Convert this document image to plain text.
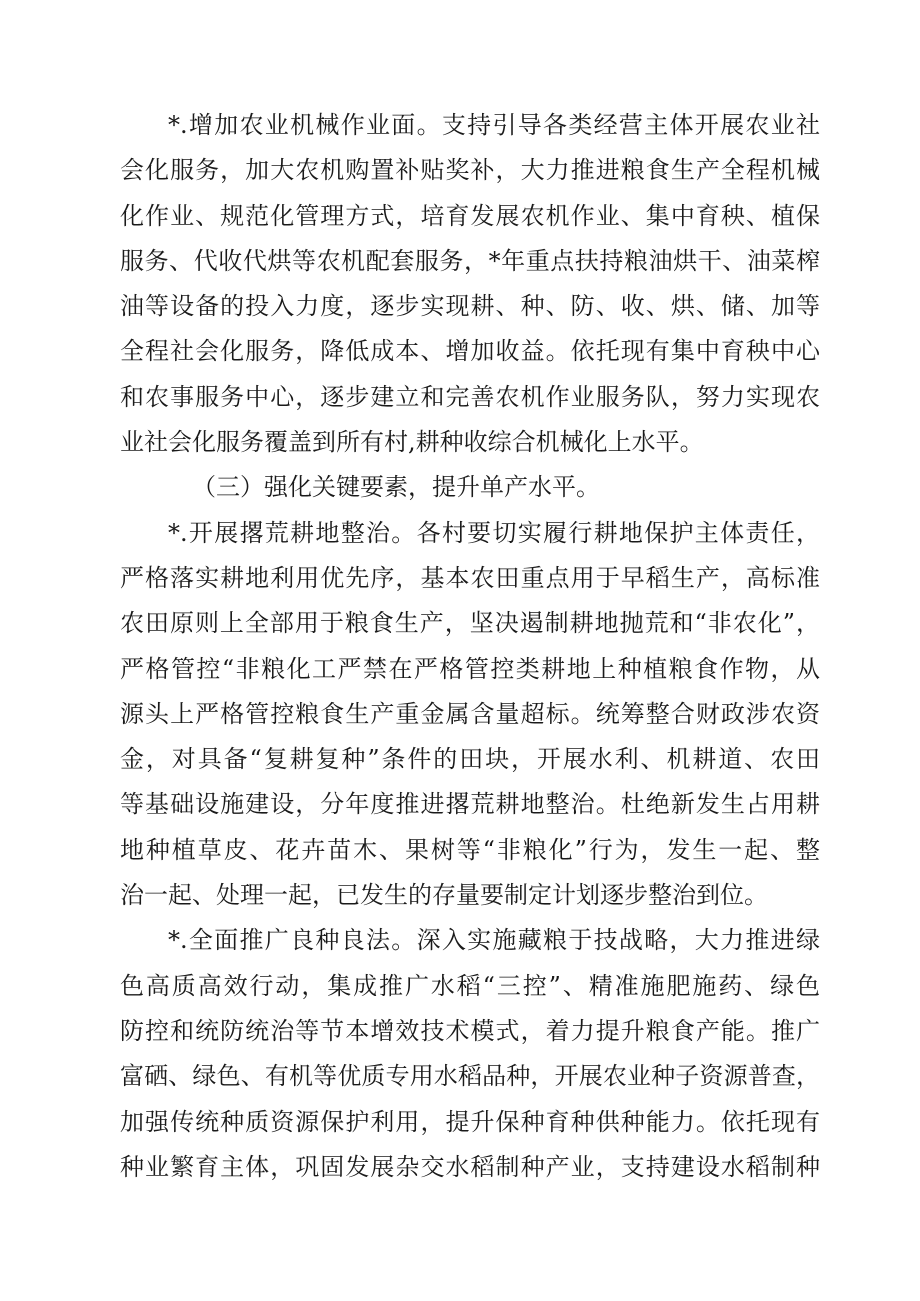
*.增加农业机械作业面。支持引导各类经营主体开展农业社
会化服务，加大农机购置补贴奖补，大力推进粮食生产全程机械
化作业、规范化管理方式，培育发展农机作业、集中育秧、植保
服务、代收代烘等农机配套服务，*年重点扶持粮油烘干、油菜榨
油等设备的投入力度，逐步实现耕、种、防、收、烘、储、加等
全程社会化服务，降低成本、增加收益。依托现有集中育秧中心
和农事服务中心，逐步建立和完善农机作业服务队，努力实现农
业社会化服务覆盖到所有村,耕种收综合机械化上水平。
（三）强化关键要素，提升单产水平。
*.开展撂荒耕地整治。各村要切实履行耕地保护主体责任，
严格落实耕地利用优先序，基本农田重点用于早稻生产，高标准
农田原则上全部用于粮食生产，坚决遏制耕地抛荒和“非农化”，
严格管控“非粮化工严禁在严格管控类耕地上种植粮食作物，从
源头上严格管控粮食生产重金属含量超标。统筹整合财政涉农资
金，对具备“复耕复种”条件的田块，开展水利、机耕道、农田
等基础设施建设，分年度推进撂荒耕地整治。杜绝新发生占用耕
地种植草皮、花卉苗木、果树等“非粮化”行为，发生一起、整
治一起、处理一起，已发生的存量要制定计划逐步整治到位。
*.全面推广良种良法。深入实施藏粮于技战略，大力推进绿
色高质高效行动，集成推广水稻“三控”、精准施肥施药、绿色
防控和统防统治等节本增效技术模式，着力提升粮食产能。推广
富硒、绿色、有机等优质专用水稻品种，开展农业种子资源普查，
加强传统种质资源保护利用，提升保种育种供种能力。依托现有
种业繁育主体，巩固发展杂交水稻制种产业，支持建设水稻制种
